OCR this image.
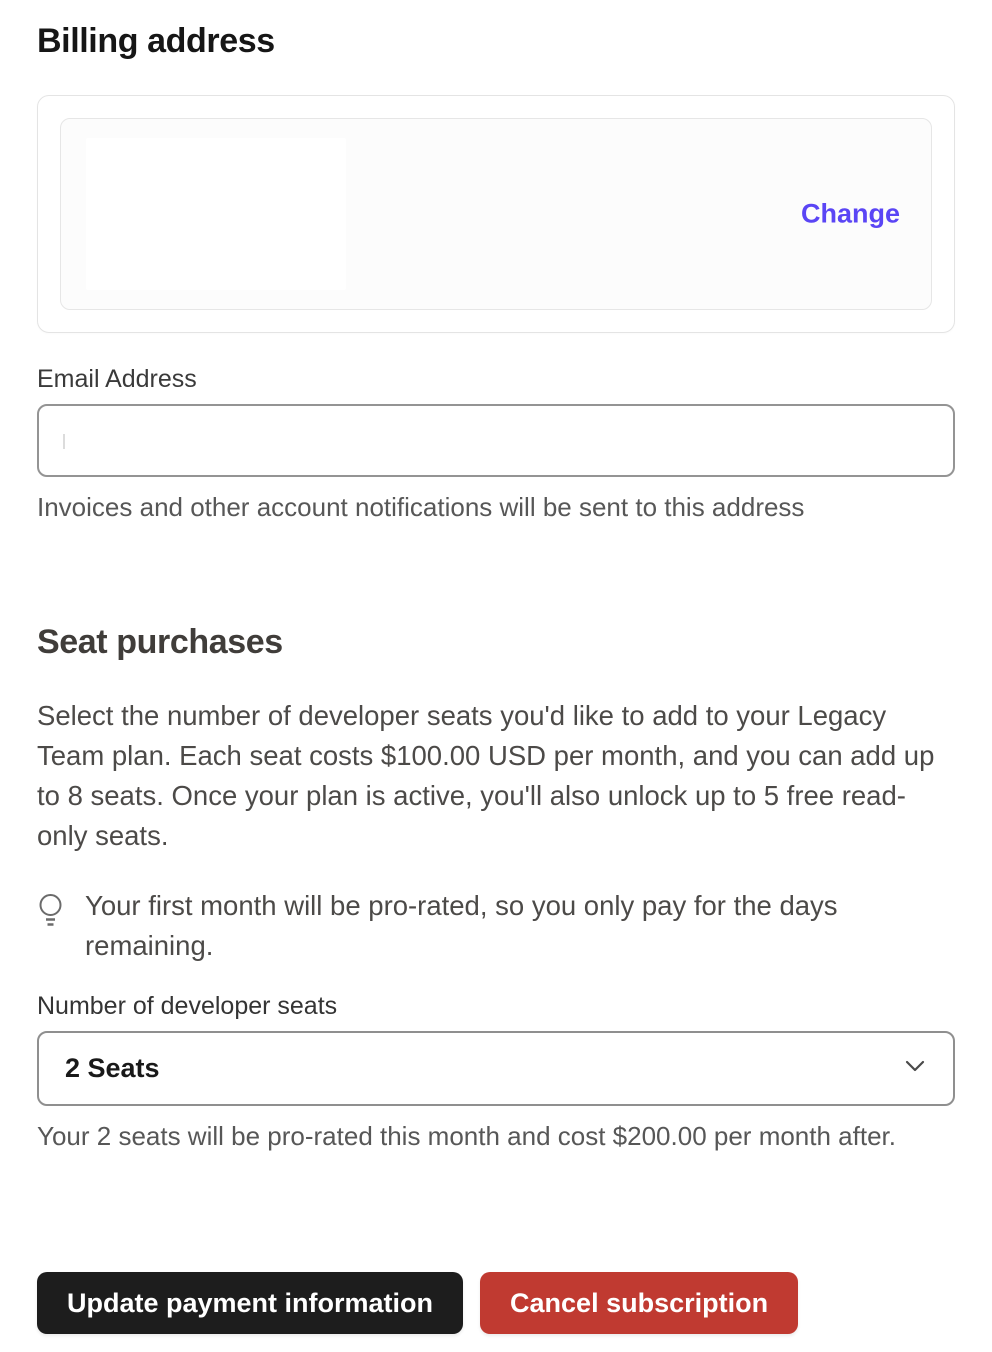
Billing address
Change
Email Address
Invoices and other account notifications will be sent to this address
Seat purchases
Select the number of developer seats you'd like to add to your Legacy Team plan. Each seat costs $100.00 USD per month, and you can add up to 8 seats. Once your plan is active, you'll also unlock up to 5 free read-only seats.
Your first month will be pro-rated, so you only pay for the days remaining.
Number of developer seats
2 Seats
Your 2 seats will be pro-rated this month and cost $200.00 per month after.
Update payment information	Cancel subscription
